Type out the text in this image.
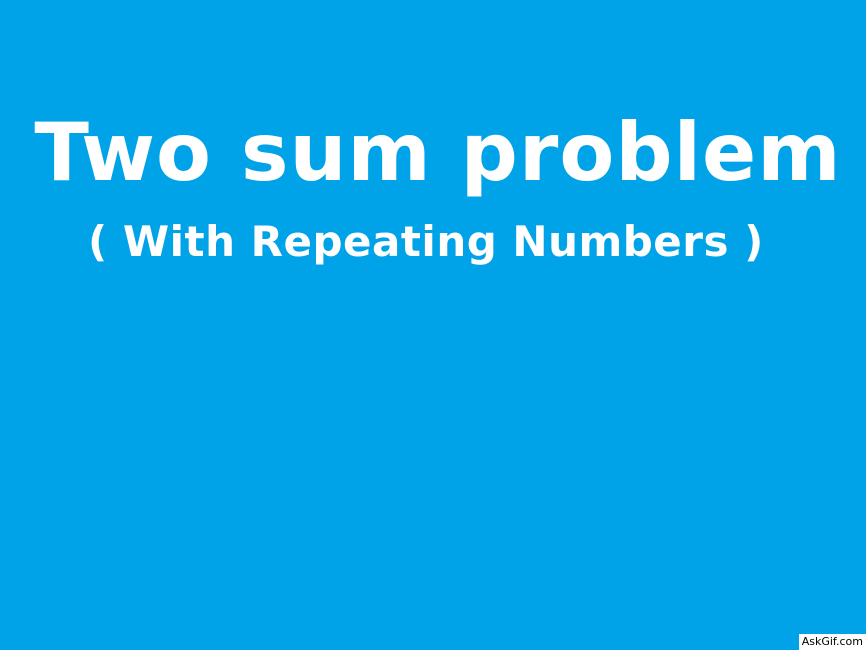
Two sum problem
( With Repeating Numbers )
AskGif.com
